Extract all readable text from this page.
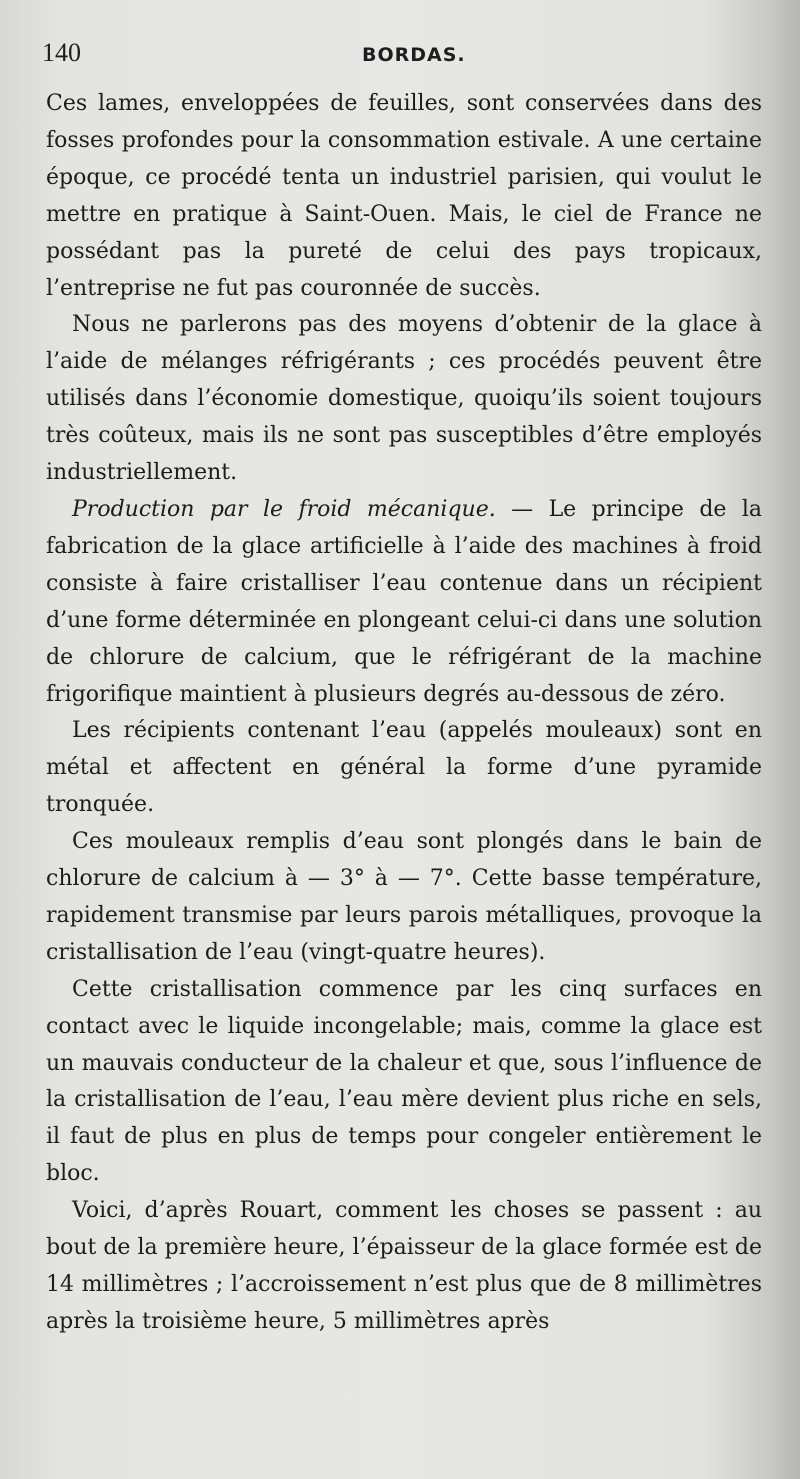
140	BORDAS.

Ces lames, enveloppées de feuilles, sont conservées dans des fosses profondes pour la consommation estivale. A une certaine époque, ce procédé tenta un industriel parisien, qui voulut le mettre en pratique à Saint-Ouen. Mais, le ciel de France ne possédant pas la pureté de celui des pays tropicaux, l’entreprise ne fut pas couronnée de succès.

Nous ne parlerons pas des moyens d’obtenir de la glace à l’aide de mélanges réfrigérants ; ces procédés peuvent être utilisés dans l’économie domestique, quoiqu’ils soient toujours très coûteux, mais ils ne sont pas susceptibles d’être employés industriellement.

Production par le froid mécanique. — Le principe de la fabrication de la glace artificielle à l’aide des machines à froid consiste à faire cristalliser l’eau contenue dans un récipient d’une forme déterminée en plongeant celui-ci dans une solution de chlorure de calcium, que le réfrigérant de la machine frigorifique maintient à plusieurs degrés au-dessous de zéro.

Les récipients contenant l’eau (appelés mouleaux) sont en métal et affectent en général la forme d’une pyramide tronquée.

Ces mouleaux remplis d’eau sont plongés dans le bain de chlorure de calcium à — 3° à — 7°. Cette basse température, rapidement transmise par leurs parois métalliques, provoque la cristallisation de l’eau (vingt-quatre heures).

Cette cristallisation commence par les cinq surfaces en contact avec le liquide incongelable; mais, comme la glace est un mauvais conducteur de la chaleur et que, sous l’influence de la cristallisation de l’eau, l’eau mère devient plus riche en sels, il faut de plus en plus de temps pour congeler entièrement le bloc.

Voici, d’après Rouart, comment les choses se passent : au bout de la première heure, l’épaisseur de la glace formée est de 14 millimètres ; l’accroissement n’est plus que de 8 millimètres après la troisième heure, 5 millimètres après
